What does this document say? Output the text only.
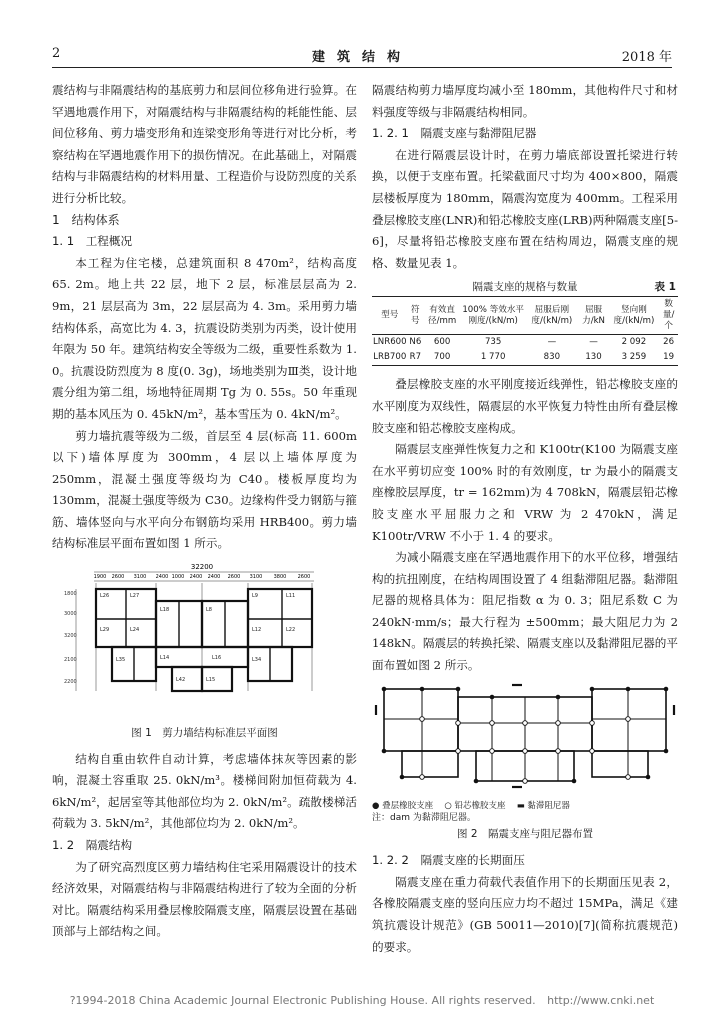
2	建筑结构	2018 年

震结构与非隔震结构的基底剪力和层间位移角进行验算。在罕遇地震作用下，对隔震结构与非隔震结构的耗能性能、层间位移角、剪力墙变形角和连梁变形角等进行对比分析，考察结构在罕遇地震作用下的损伤情况。在此基础上，对隔震结构与非隔震结构的材料用量、工程造价与设防烈度的关系进行分析比较。

1　结构体系
1. 1　工程概况

本工程为住宅楼，总建筑面积 8 470m²，结构高度 65. 2m。地上共 22 层，地下 2 层，标准层层高为 2. 9m，21 层层高为 3m，22 层层高为 4. 3m。采用剪力墙结构体系，高宽比为 4. 3，抗震设防类别为丙类，设计使用年限为 50 年。建筑结构安全等级为二级，重要性系数为 1. 0。抗震设防烈度为 8 度(0. 3g)，场地类别为Ⅲ类，设计地震分组为第二组，场地特征周期 Tg 为 0. 55s。50 年重现期的基本风压为 0. 45kN/m²，基本雪压为 0. 4kN/m²。

剪力墙抗震等级为二级，首层至 4 层(标高 11. 600m 以下)墙体厚度为 300mm，4 层以上墙体厚度为 250mm，混凝土强度等级均为 C40。楼板厚度均为 130mm，混凝土强度等级为 C30。边缘构件受力钢筋与箍筋、墙体竖向与水平向分布钢筋均采用 HRB400。剪力墙结构标准层平面布置如图 1 所示。

32200
1900 2600 3100 2400 1000 2400 2400 2600 3100 3800 2600
L26	L27
L18	L8
L9	L11
L29	L24	L12	L22
L35	L34
L14	L16
L42	L15
1800
3000
3200
2100
2200
图 1　剪力墙结构标准层平面图

结构自重由软件自动计算，考虑墙体抹灰等因素的影响，混凝土容重取 25. 0kN/m³。楼梯间附加恒荷载为 4. 6kN/m²，起居室等其他部位均为 2. 0kN/m²。疏散楼梯活荷载为 3. 5kN/m²，其他部位均为 2. 0kN/m²。

1. 2　隔震结构

为了研究高烈度区剪力墙结构住宅采用隔震设计的技术经济效果，对隔震结构与非隔震结构进行了较为全面的分析对比。隔震结构采用叠层橡胶隔震支座，隔震层设置在基础顶部与上部结构之间。

隔震结构剪力墙厚度均减小至 180mm，其他构件尺寸和材料强度等级与非隔震结构相同。

1. 2. 1　隔震支座与黏滞阻尼器

在进行隔震层设计时，在剪力墙底部设置托梁进行转换，以便于支座布置。托梁截面尺寸均为 400×800，隔震层楼板厚度为 180mm，隔震沟宽度为 400mm。工程采用叠层橡胶支座(LNR)和铅芯橡胶支座(LRB)两种隔震支座[5-6]，尽量将铅芯橡胶支座布置在结构周边，隔震支座的规格、数量见表 1。

隔震支座的规格与数量	表 1
型号	符号	有效直径/mm	100% 等效水平刚度/(kN/m)	屈服后刚度/(kN/m)	屈服力/kN	竖向刚度/(kN/m)	数量/个
LNR600	N6	600	735	—	—	2 092	26
LRB700	R7	700	1 770	830	130	3 259	19

叠层橡胶支座的水平刚度接近线弹性，铅芯橡胶支座的水平刚度为双线性，隔震层的水平恢复力特性由所有叠层橡胶支座和铅芯橡胶支座构成。

隔震层支座弹性恢复力之和 K100tr(K100 为隔震支座在水平剪切应变 100% 时的有效刚度，tr 为最小的隔震支座橡胶层厚度，tr = 162mm)为 4 708kN，隔震层铅芯橡胶支座水平屈服力之和 VRW 为 2 470kN，满足 K100tr/VRW 不小于 1. 4 的要求。

为减小隔震支座在罕遇地震作用下的水平位移，增强结构的抗扭刚度，在结构周围设置了 4 组黏滞阻尼器。黏滞阻尼器的规格具体为：阻尼指数 α 为 0. 3；阻尼系数 C 为 240kN·mm/s；最大行程为 ±500mm；最大阻尼力为 2 148kN。隔震层的转换托梁、隔震支座以及黏滞阻尼器的平面布置如图 2 所示。

● 叠层橡胶支座　 ○ 铅芯橡胶支座　 ▬ 黏滞阻尼器
注：dam 为黏滞阻尼器。
图 2　隔震支座与阻尼器布置
1. 2. 2　隔震支座的长期面压

隔震支座在重力荷载代表值作用下的长期面压见表 2，各橡胶隔震支座的竖向压应力均不超过 15MPa，满足《建筑抗震设计规范》(GB 50011—2010)[7](简称抗震规范)的要求。

?1994-2018 China Academic Journal Electronic Publishing House. All rights reserved. http://www.cnki.net
